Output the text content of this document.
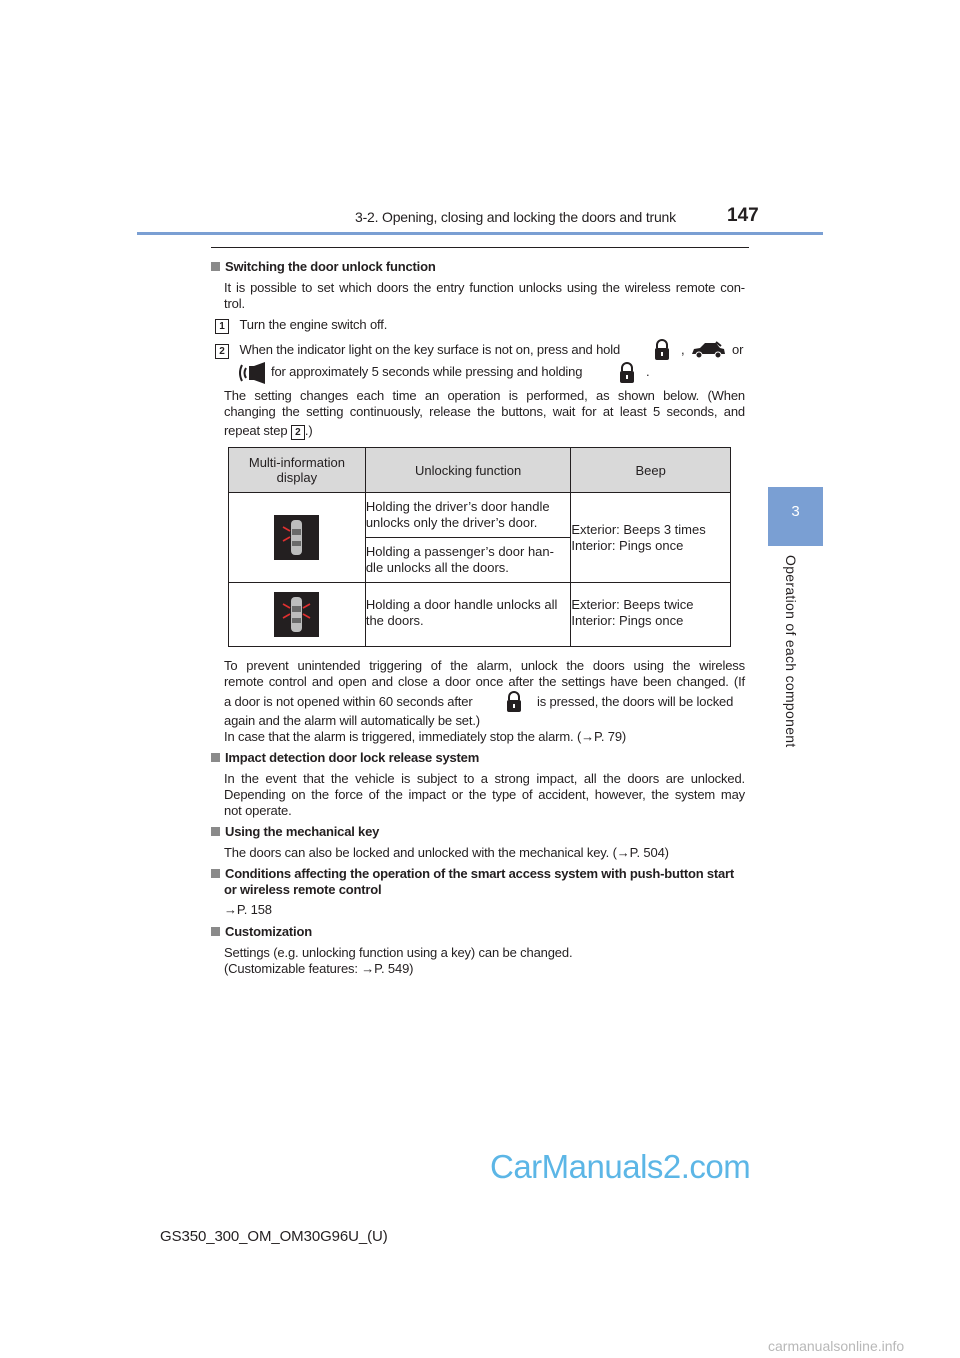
3-2. Opening, closing and locking the doors and trunk	147
3
Operation of each component
Switching the door unlock function
It is possible to set which doors the entry function unlocks using the wireless remote con-
trol.
1 Turn the engine switch off.
2 When the indicator light on the key surface is not on, press and hold	,	or
for approximately 5 seconds while pressing and holding	.
The setting changes each time an operation is performed, as shown below. (When
changing the setting continuously, release the buttons, wait for at least 5 seconds, and
repeat step 2 .)
Multi-information display	Unlocking function	Beep

	Holding the driver’s door handle unlocks only the driver’s door.	Exterior: Beeps 3 times Interior: Pings once
	Holding a passenger’s door han-dle unlocks all the doors.	

	Holding a door handle unlocks all the doors.	Exterior: Beeps twice Interior: Pings once
To prevent unintended triggering of the alarm, unlock the doors using the wireless
remote control and open and close a door once after the settings have been changed. (If
a door is not opened within 60 seconds after	is pressed, the doors will be locked
again and the alarm will automatically be set.)
In case that the alarm is triggered, immediately stop the alarm. (→P. 79)
Impact detection door lock release system
In the event that the vehicle is subject to a strong impact, all the doors are unlocked.
Depending on the force of the impact or the type of accident, however, the system may
not operate.
Using the mechanical key
The doors can also be locked and unlocked with the mechanical key. (→P. 504)
Conditions affecting the operation of the smart access system with push-button start
or wireless remote control
→P. 158
Customization
Settings (e.g. unlocking function using a key) can be changed.
(Customizable features: →P. 549)
CarManuals2.com
GS350_300_OM_OM30G96U_(U)
carmanualsonline.info
